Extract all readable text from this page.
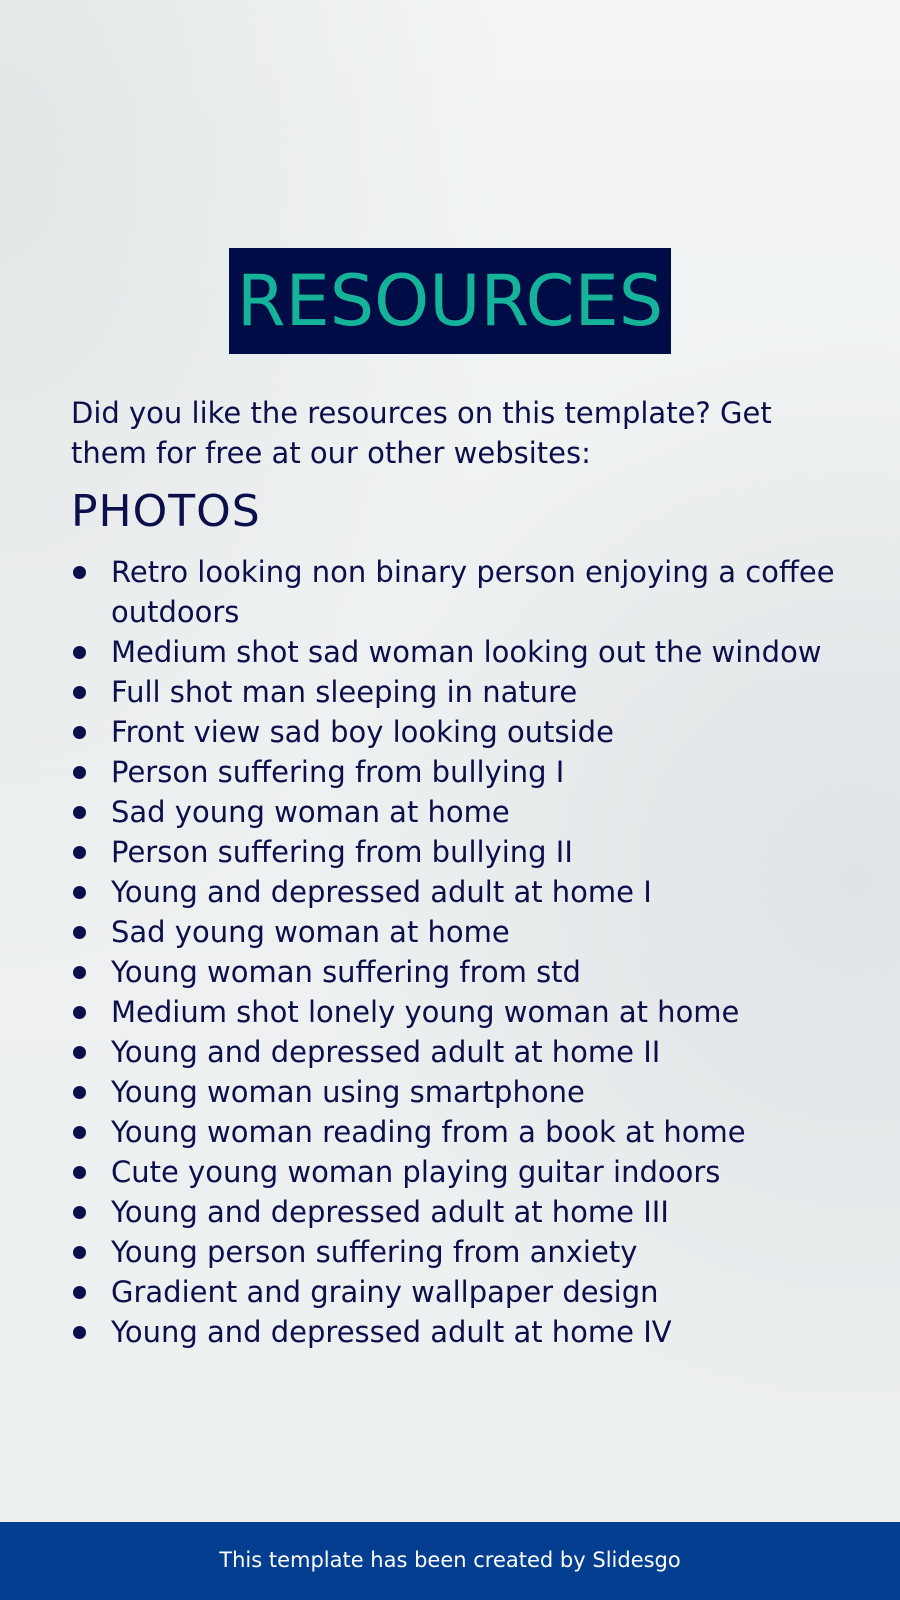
RESOURCES
Did you like the resources on this template? Get them for free at our other websites:
PHOTOS
Retro looking non binary person enjoying a coffee outdoors
Medium shot sad woman looking out the window
Full shot man sleeping in nature
Front view sad boy looking outside
Person suffering from bullying I
Sad young woman at home
Person suffering from bullying II
Young and depressed adult at home I
Sad young woman at home
Young woman suffering from std
Medium shot lonely young woman at home
Young and depressed adult at home II
Young woman using smartphone
Young woman reading from a book at home
Cute young woman playing guitar indoors
Young and depressed adult at home III
Young person suffering from anxiety
Gradient and grainy wallpaper design
Young and depressed adult at home IV
This template has been created by Slidesgo
